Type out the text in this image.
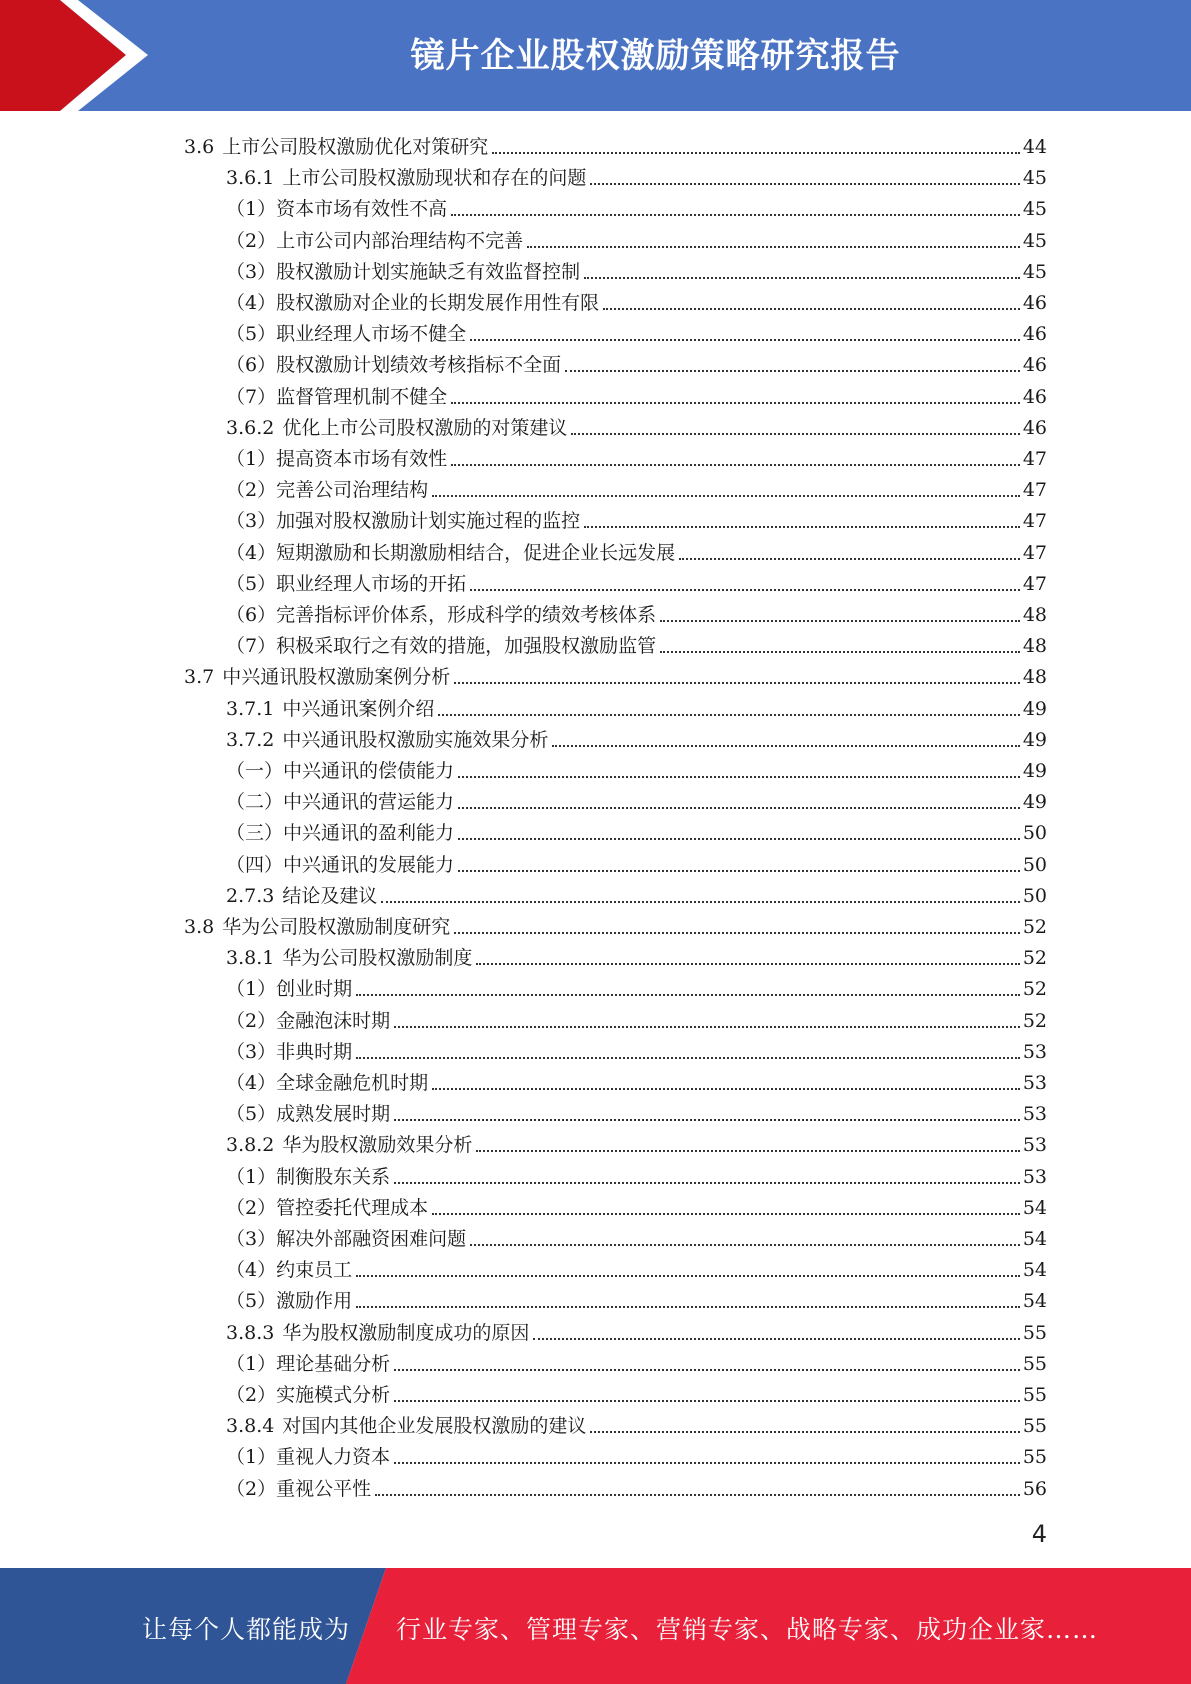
镜片企业股权激励策略研究报告
3.6 上市公司股权激励优化对策研究	44
3.6.1 上市公司股权激励现状和存在的问题	45
（1） 资本市场有效性不高	45
（2） 上市公司内部治理结构不完善	45
（3） 股权激励计划实施缺乏有效监督控制	45
（4） 股权激励对企业的长期发展作用性有限	46
（5） 职业经理人市场不健全	46
（6） 股权激励计划绩效考核指标不全面	46
（7） 监督管理机制不健全	46
3.6.2 优化上市公司股权激励的对策建议	46
（1） 提高资本市场有效性	47
（2） 完善公司治理结构	47
（3） 加强对股权激励计划实施过程的监控	47
（4） 短期激励和长期激励相结合，促进企业长远发展	47
（5） 职业经理人市场的开拓	47
（6） 完善指标评价体系，形成科学的绩效考核体系	48
（7） 积极采取行之有效的措施，加强股权激励监管	48
3.7 中兴通讯股权激励案例分析	48
3.7.1 中兴通讯案例介绍	49
3.7.2 中兴通讯股权激励实施效果分析	49
（一） 中兴通讯的偿债能力	49
（二） 中兴通讯的营运能力	49
（三） 中兴通讯的盈利能力	50
（四） 中兴通讯的发展能力	50
2.7.3 结论及建议	50
3.8 华为公司股权激励制度研究	52
3.8.1 华为公司股权激励制度	52
（1） 创业时期	52
（2） 金融泡沫时期	52
（3） 非典时期	53
（4） 全球金融危机时期	53
（5） 成熟发展时期	53
3.8.2 华为股权激励效果分析	53
（1） 制衡股东关系	53
（2） 管控委托代理成本	54
（3） 解决外部融资困难问题	54
（4） 约束员工	54
（5） 激励作用	54
3.8.3 华为股权激励制度成功的原因	55
（1） 理论基础分析	55
（2） 实施模式分析	55
3.8.4 对国内其他企业发展股权激励的建议	55
（1） 重视人力资本	55
（2） 重视公平性	56
4
让每个人都能成为 行业专家、管理专家、营销专家、战略专家、成功企业家……
